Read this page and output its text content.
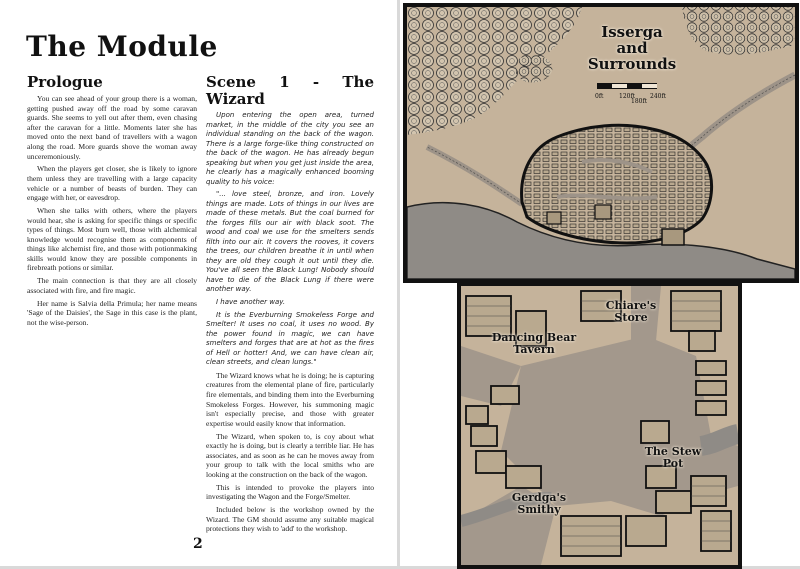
The Module
Prologue

You can see ahead of your group there is a woman, getting pushed away off the road by some caravan guards. She seems to yell out after them, even chasing after the caravan for a little. Moments later she has moved onto the next band of travellers with a wagon along the road. More guards shove the woman away unceremoniously.

When the players get closer, she is likely to ignore them unless they are travelling with a large capacity vehicle or a number of beasts of burden. They can engage with her, or eavesdrop.

When she talks with others, where the players would hear, she is asking for specific things or specific types of things. Most burn well, those with alchemical knowledge would recognise them as components of things like alchemist fire, and those with potionmaking skills would know they are possible components in firebreath potions or similar.

The main connection is that they are all closely associated with fire, and fire magic.

Her name is Salvia della Primula; her name means 'Sage of the Daisies', the Sage in this case is the plant, not the wise-person.

Scene 1 - The Wizard

Upon entering the open area, turned market, in the middle of the city you see an individual standing on the back of the wagon. There is a large forge-like thing constructed on the back of the wagon. He has already begun speaking but when you get just inside the area, he clearly has a magically enhanced booming quality to his voice:

"... love steel, bronze, and iron. Lovely things are made. Lots of things in our lives are made of these metals. But the coal burned for the forges fills our air with black soot. The wood and coal we use for the smelters sends filth into our air. It covers the rooves, it covers the trees, our children breathe it in until when they are old they cough it out until they die. You've all seen the Black Lung! Nobody should have to die of the Black Lung if there were another way.

I have another way.

It is the Everburning Smokeless Forge and Smelter! It uses no coal, it uses no wood. By the power found in magic, we can have smelters and forges that are at hot as the fires of Hell or hotter! And, we can have clean air, clean streets, and clean lungs."

The Wizard knows what he is doing; he is capturing creatures from the elemental plane of fire, particularly fire elementals, and binding them into the Everburning Smokeless Forges. However, his summoning magic isn't especially precise, and those with greater expertise would easily know that information.

The Wizard, when spoken to, is coy about what exactly he is doing, but is clearly a terrible liar. He has associates, and as soon as he can he moves away from your group to talk with the local smiths who are looking at the construction on the back of the wagon.

This is intended to provoke the players into investigating the Wagon and the Forge/Smelter.

Included below is the workshop owned by the Wizard. The GM should assume any suitable magical protections they wish to 'add' to the workshop.

2
0ft	120ft
180ft
240ft
Isserga
and
Surrounds
Dancing Bear
Tavern
Chiare's
Store
The Stew
Pot
Gerdga's
Smithy
